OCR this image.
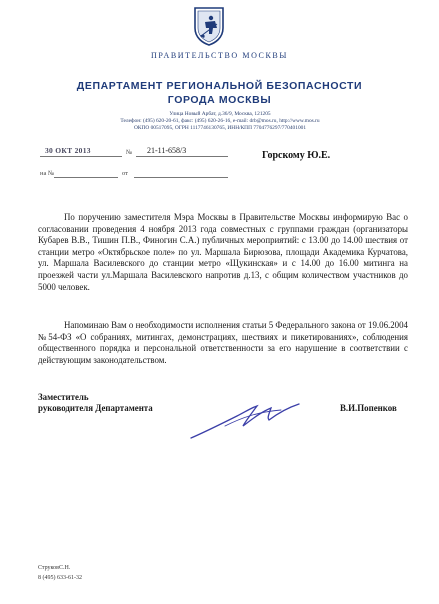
ПРАВИТЕЛЬСТВО МОСКВЫ
ДЕПАРТАМЕНТ РЕГИОНАЛЬНОЙ БЕЗОПАСНОСТИ
ГОРОДА МОСКВЫ
Улица Новый Арбат, д.36/9, Москва, 121205
Телефон: (495) 620-20-61, факс: (495) 620-26-16, e-mail: drb@mos.ru, http://www.mos.ru
ОКПО 00517095, ОГРН 1117746130765, ИНН/КПП 7704776297/770401001
30 ОКТ 2013	№ 21-11-658/3
на №	от
Горскому Ю.Е.
По поручению заместителя Мэра Москвы в Правительстве Москвы информирую Вас о согласовании проведения 4 ноября 2013 года совместных с группами граждан (организаторы Кубарев В.В., Тишин П.В., Финогин С.А.) публичных мероприятий: с 13.00 до 14.00 шествия от станции метро «Октябрьское поле» по ул. Маршала Бирюзова, площади Академика Курчатова, ул. Маршала Василевского до станции метро «Щукинская» и с 14.00 до 16.00 митинга на проезжей части ул.Маршала Василевского напротив д.13, с общим количеством участников до 5000 человек.
Напоминаю Вам о необходимости исполнения статьи 5 Федерального закона от 19.06.2004 №54-ФЗ «О собраниях, митингах, демонстрациях, шествиях и пикетированиях», соблюдения общественного порядка и персональной ответственности за его нарушение в соответствии с действующим законодательством.
Заместитель
руководителя Департамента	В.И.Попенков
СтруковС.Н.
8 (495) 633-61-32
